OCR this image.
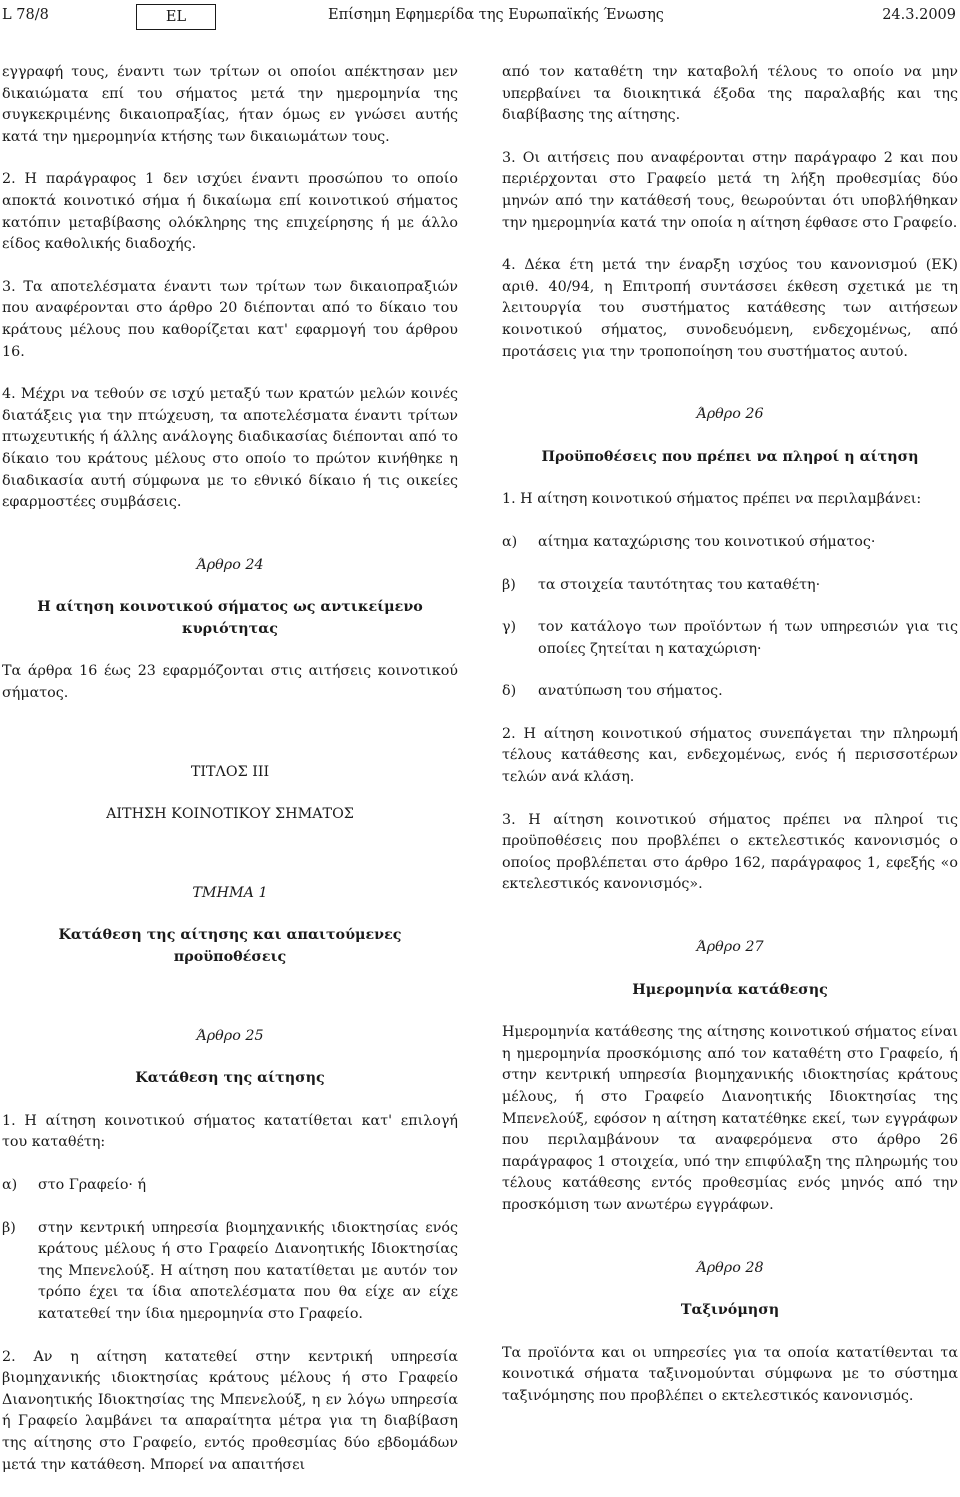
L 78/8	EL	Επίσημη Εφημερίδα της Ευρωπαϊκής Ένωσης	24.3.2009

εγγραφή τους, έναντι των τρίτων οι οποίοι απέκτησαν μεν δικαιώματα επί του σήματος μετά την ημερομηνία της συγκεκριμένης δικαιοπραξίας, ήταν όμως εν γνώσει αυτής κατά την ημερομηνία κτήσης των δικαιωμάτων τους.

2. Η παράγραφος 1 δεν ισχύει έναντι προσώπου το οποίο αποκτά κοινοτικό σήμα ή δικαίωμα επί κοινοτικού σήματος κατόπιν μεταβίβασης ολόκληρης της επιχείρησης ή με άλλο είδος καθολικής διαδοχής.

3. Τα αποτελέσματα έναντι των τρίτων των δικαιοπραξιών που αναφέρονται στο άρθρο 20 διέπονται από το δίκαιο του κράτους μέλους που καθορίζεται κατ' εφαρμογή του άρθρου 16.

4. Μέχρι να τεθούν σε ισχύ μεταξύ των κρατών μελών κοινές διατάξεις για την πτώχευση, τα αποτελέσματα έναντι τρίτων πτωχευτικής ή άλλης ανάλογης διαδικασίας διέπονται από το δίκαιο του κράτους μέλους στο οποίο το πρώτον κινήθηκε η διαδικασία αυτή σύμφωνα με το εθνικό δίκαιο ή τις οικείες εφαρμοστέες συμβάσεις.

Άρθρο 24

Η αίτηση κοινοτικού σήματος ως αντικείμενο κυριότητας

Τα άρθρα 16 έως 23 εφαρμόζονται στις αιτήσεις κοινοτικού σήματος.

ΤΙΤΛΟΣ III

ΑΙΤΗΣΗ ΚΟΙΝΟΤΙΚΟΥ ΣΗΜΑΤΟΣ

ΤΜΗΜΑ 1

Κατάθεση της αίτησης και απαιτούμενες προϋποθέσεις

Άρθρο 25

Κατάθεση της αίτησης

1. Η αίτηση κοινοτικού σήματος κατατίθεται κατ' επιλογή του καταθέτη:

α)	στο Γραφείο· ή
β)	στην κεντρική υπηρεσία βιομηχανικής ιδιοκτησίας ενός κράτους μέλους ή στο Γραφείο Διανοητικής Ιδιοκτησίας της Μπενελούξ. Η αίτηση που κατατίθεται με αυτόν τον τρόπο έχει τα ίδια αποτελέσματα που θα είχε αν είχε κατατεθεί την ίδια ημερομηνία στο Γραφείο.

2. Αν η αίτηση κατατεθεί στην κεντρική υπηρεσία βιομηχανικής ιδιοκτησίας κράτους μέλους ή στο Γραφείο Διανοητικής Ιδιοκτησίας της Μπενελούξ, η εν λόγω υπηρεσία ή Γραφείο λαμβάνει τα απαραίτητα μέτρα για τη διαβίβαση της αίτησης στο Γραφείο, εντός προθεσμίας δύο εβδομάδων μετά την κατάθεση. Μπορεί να απαιτήσει

από τον καταθέτη την καταβολή τέλους το οποίο να μην υπερβαίνει τα διοικητικά έξοδα της παραλαβής και της διαβίβασης της αίτησης.

3. Οι αιτήσεις που αναφέρονται στην παράγραφο 2 και που περιέρχονται στο Γραφείο μετά τη λήξη προθεσμίας δύο μηνών από την κατάθεσή τους, θεωρούνται ότι υποβλήθηκαν την ημερομηνία κατά την οποία η αίτηση έφθασε στο Γραφείο.

4. Δέκα έτη μετά την έναρξη ισχύος του κανονισμού (ΕΚ) αριθ. 40/94, η Επιτροπή συντάσσει έκθεση σχετικά με τη λειτουργία του συστήματος κατάθεσης των αιτήσεων κοινοτικού σήματος, συνοδευόμενη, ενδεχομένως, από προτάσεις για την τροποποίηση του συστήματος αυτού.

Άρθρο 26

Προϋποθέσεις που πρέπει να πληροί η αίτηση

1. Η αίτηση κοινοτικού σήματος πρέπει να περιλαμβάνει:

α)	αίτημα καταχώρισης του κοινοτικού σήματος·
β)	τα στοιχεία ταυτότητας του καταθέτη·
γ)	τον κατάλογο των προϊόντων ή των υπηρεσιών για τις οποίες ζητείται η καταχώριση·
δ)	ανατύπωση του σήματος.

2. Η αίτηση κοινοτικού σήματος συνεπάγεται την πληρωμή τέλους κατάθεσης και, ενδεχομένως, ενός ή περισσοτέρων τελών ανά κλάση.

3. Η αίτηση κοινοτικού σήματος πρέπει να πληροί τις προϋποθέσεις που προβλέπει ο εκτελεστικός κανονισμός ο οποίος προβλέπεται στο άρθρο 162, παράγραφος 1, εφεξής «ο εκτελεστικός κανονισμός».

Άρθρο 27

Ημερομηνία κατάθεσης

Ημερομηνία κατάθεσης της αίτησης κοινοτικού σήματος είναι η ημερομηνία προσκόμισης από τον καταθέτη στο Γραφείο, ή στην κεντρική υπηρεσία βιομηχανικής ιδιοκτησίας κράτους μέλους, ή στο Γραφείο Διανοητικής Ιδιοκτησίας της Μπενελούξ, εφόσον η αίτηση κατατέθηκε εκεί, των εγγράφων που περιλαμβάνουν τα αναφερόμενα στο άρθρο 26 παράγραφος 1 στοιχεία, υπό την επιφύλαξη της πληρωμής του τέλους κατάθεσης εντός προθεσμίας ενός μηνός από την προσκόμιση των ανωτέρω εγγράφων.

Άρθρο 28

Ταξινόμηση

Τα προϊόντα και οι υπηρεσίες για τα οποία κατατίθενται τα κοινοτικά σήματα ταξινομούνται σύμφωνα με το σύστημα ταξινόμησης που προβλέπει ο εκτελεστικός κανονισμός.
